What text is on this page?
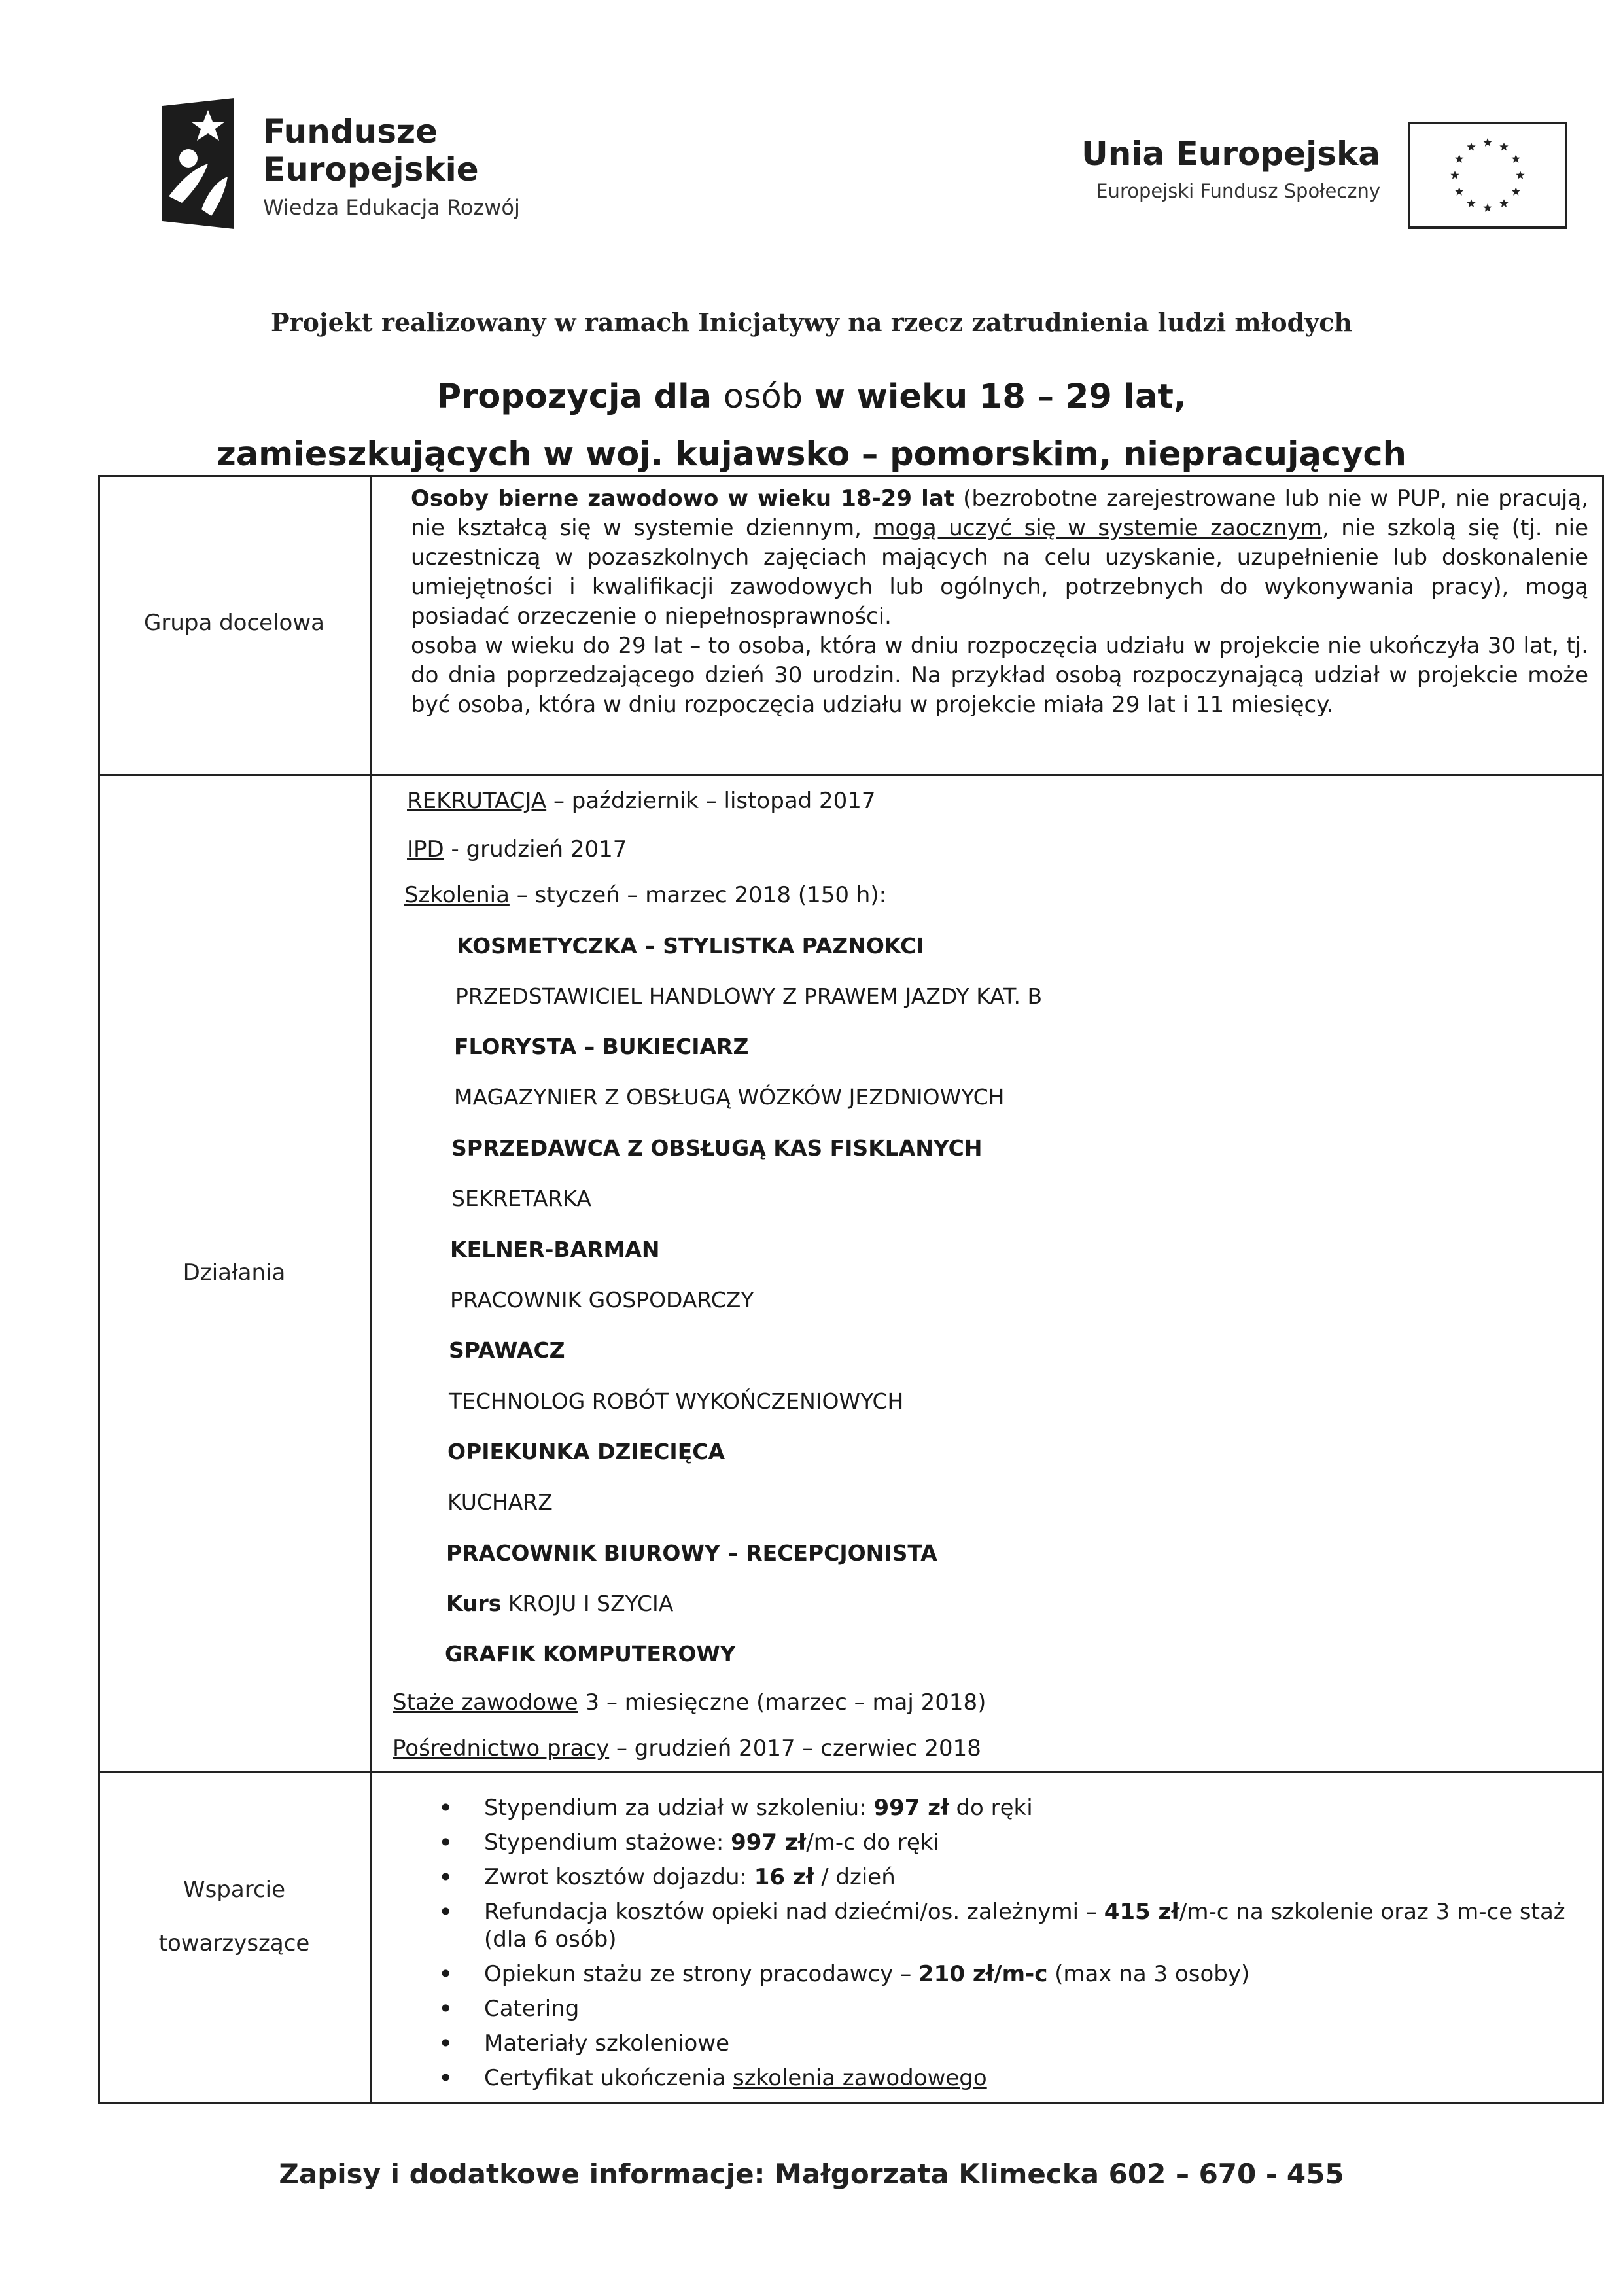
Fundusze
Europejskie
Wiedza Edukacja Rozwój
Unia Europejska
Europejski Fundusz Społeczny
Projekt realizowany w ramach Inicjatywy na rzecz zatrudnienia ludzi młodych
Propozycja dla osób w wieku 18 – 29 lat,
zamieszkujących w woj. kujawsko – pomorskim, niepracujących
Grupa docelowa

Osoby bierne zawodowo w wieku 18-29 lat (bezrobotne zarejestrowane lub nie w PUP, nie pracują, nie kształcą się w systemie dziennym, mogą uczyć się w systemie zaocznym, nie szkolą się (tj. nie uczestniczą w pozaszkolnych zajęciach mających na celu uzyskanie, uzupełnienie lub doskonalenie umiejętności i kwalifikacji zawodowych lub ogólnych, potrzebnych do wykonywania pracy), mogą posiadać orzeczenie o niepełnosprawności.

osoba w wieku do 29 lat – to osoba, która w dniu rozpoczęcia udziału w projekcie nie ukończyła 30 lat, tj. do dnia poprzedzającego dzień 30 urodzin. Na przykład osobą rozpoczynającą udział w projekcie może być osoba, która w dniu rozpoczęcia udziału w projekcie miała 29 lat i 11 miesięcy.

Działania
REKRUTACJA – październik – listopad 2017
IPD - grudzień 2017
Szkolenia – styczeń – marzec 2018 (150 h):
KOSMETYCZKA – STYLISTKA PAZNOKCI
PRZEDSTAWICIEL HANDLOWY Z PRAWEM JAZDY KAT. B
FLORYSTA – BUKIECIARZ
MAGAZYNIER Z OBSŁUGĄ WÓZKÓW JEZDNIOWYCH
SPRZEDAWCA Z OBSŁUGĄ KAS FISKLANYCH
SEKRETARKA
KELNER-BARMAN
PRACOWNIK GOSPODARCZY
SPAWACZ
TECHNOLOG ROBÓT WYKOŃCZENIOWYCH
OPIEKUNKA DZIECIĘCA
KUCHARZ
PRACOWNIK BIUROWY – RECEPCJONISTA
Kurs KROJU I SZYCIA
GRAFIK KOMPUTEROWY
Staże zawodowe 3 – miesięczne (marzec – maj 2018)
Pośrednictwo pracy – grudzień 2017 – czerwiec 2018
Wsparcie
towarzyszące
• Stypendium za udział w szkoleniu: 997 zł do ręki
• Stypendium stażowe: 997 zł/m-c do ręki
• Zwrot kosztów dojazdu: 16 zł / dzień
• Refundacja kosztów opieki nad dziećmi/os. zależnymi – 415 zł/m-c na szkolenie oraz 3 m-ce staż (dla 6 osób)
• Opiekun stażu ze strony pracodawcy – 210 zł/m-c (max na 3 osoby)
• Catering
• Materiały szkoleniowe
• Certyfikat ukończenia szkolenia zawodowego
Zapisy i dodatkowe informacje: Małgorzata Klimecka 602 – 670 - 455
